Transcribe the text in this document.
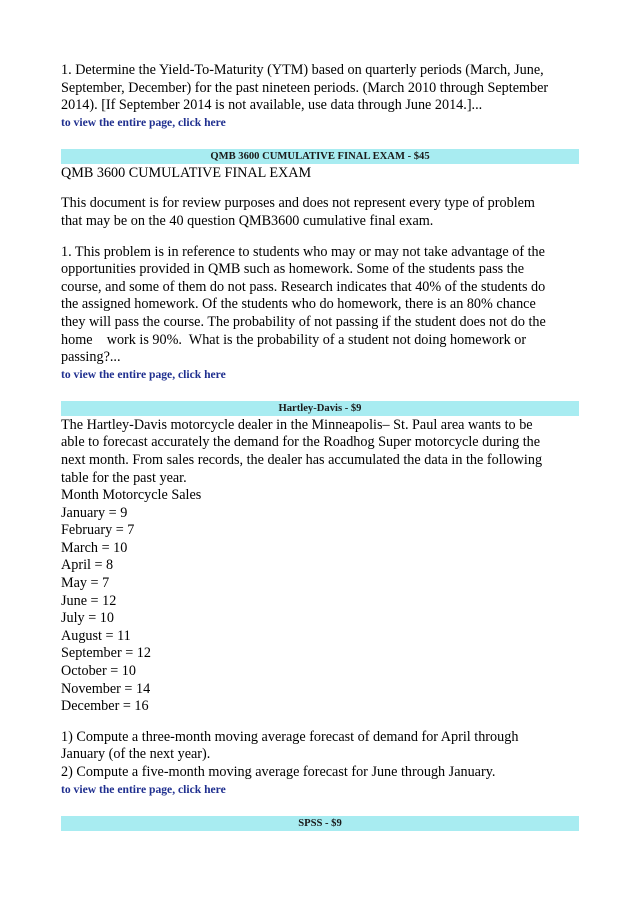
1. Determine the Yield-To-Maturity (YTM) based on quarterly periods (March, June,
September, December) for the past nineteen periods. (March 2010 through September
2014). [If September 2014 is not available, use data through June 2014.]...
to view the entire page, click here
QMB 3600 CUMULATIVE FINAL EXAM - $45

QMB 3600 CUMULATIVE FINAL EXAM

This document is for review purposes and does not represent every type of problem
that may be on the 40 question QMB3600 cumulative final exam.
1. This problem is in reference to students who may or may not take advantage of the
opportunities provided in QMB such as homework. Some of the students pass the
course, and some of them do not pass. Research indicates that 40% of the students do
the assigned homework. Of the students who do homework, there is an 80% chance
they will pass the course. The probability of not passing if the student does not do the
home    work is 90%.  What is the probability of a student not doing homework or
passing?...
to view the entire page, click here
Hartley-Davis - $9
The Hartley-Davis motorcycle dealer in the Minneapolis– St. Paul area wants to be
able to forecast accurately the demand for the Roadhog Super motorcycle during the
next month. From sales records, the dealer has accumulated the data in the following
table for the past year.
Month Motorcycle Sales
January = 9
February = 7
March = 10
April = 8
May = 7
June = 12
July = 10
August = 11
September = 12
October = 10
November = 14
December = 16
1) Compute a three-month moving average forecast of demand for April through
January (of the next year).
2) Compute a five-month moving average forecast for June through January.
to view the entire page, click here
SPSS - $9
